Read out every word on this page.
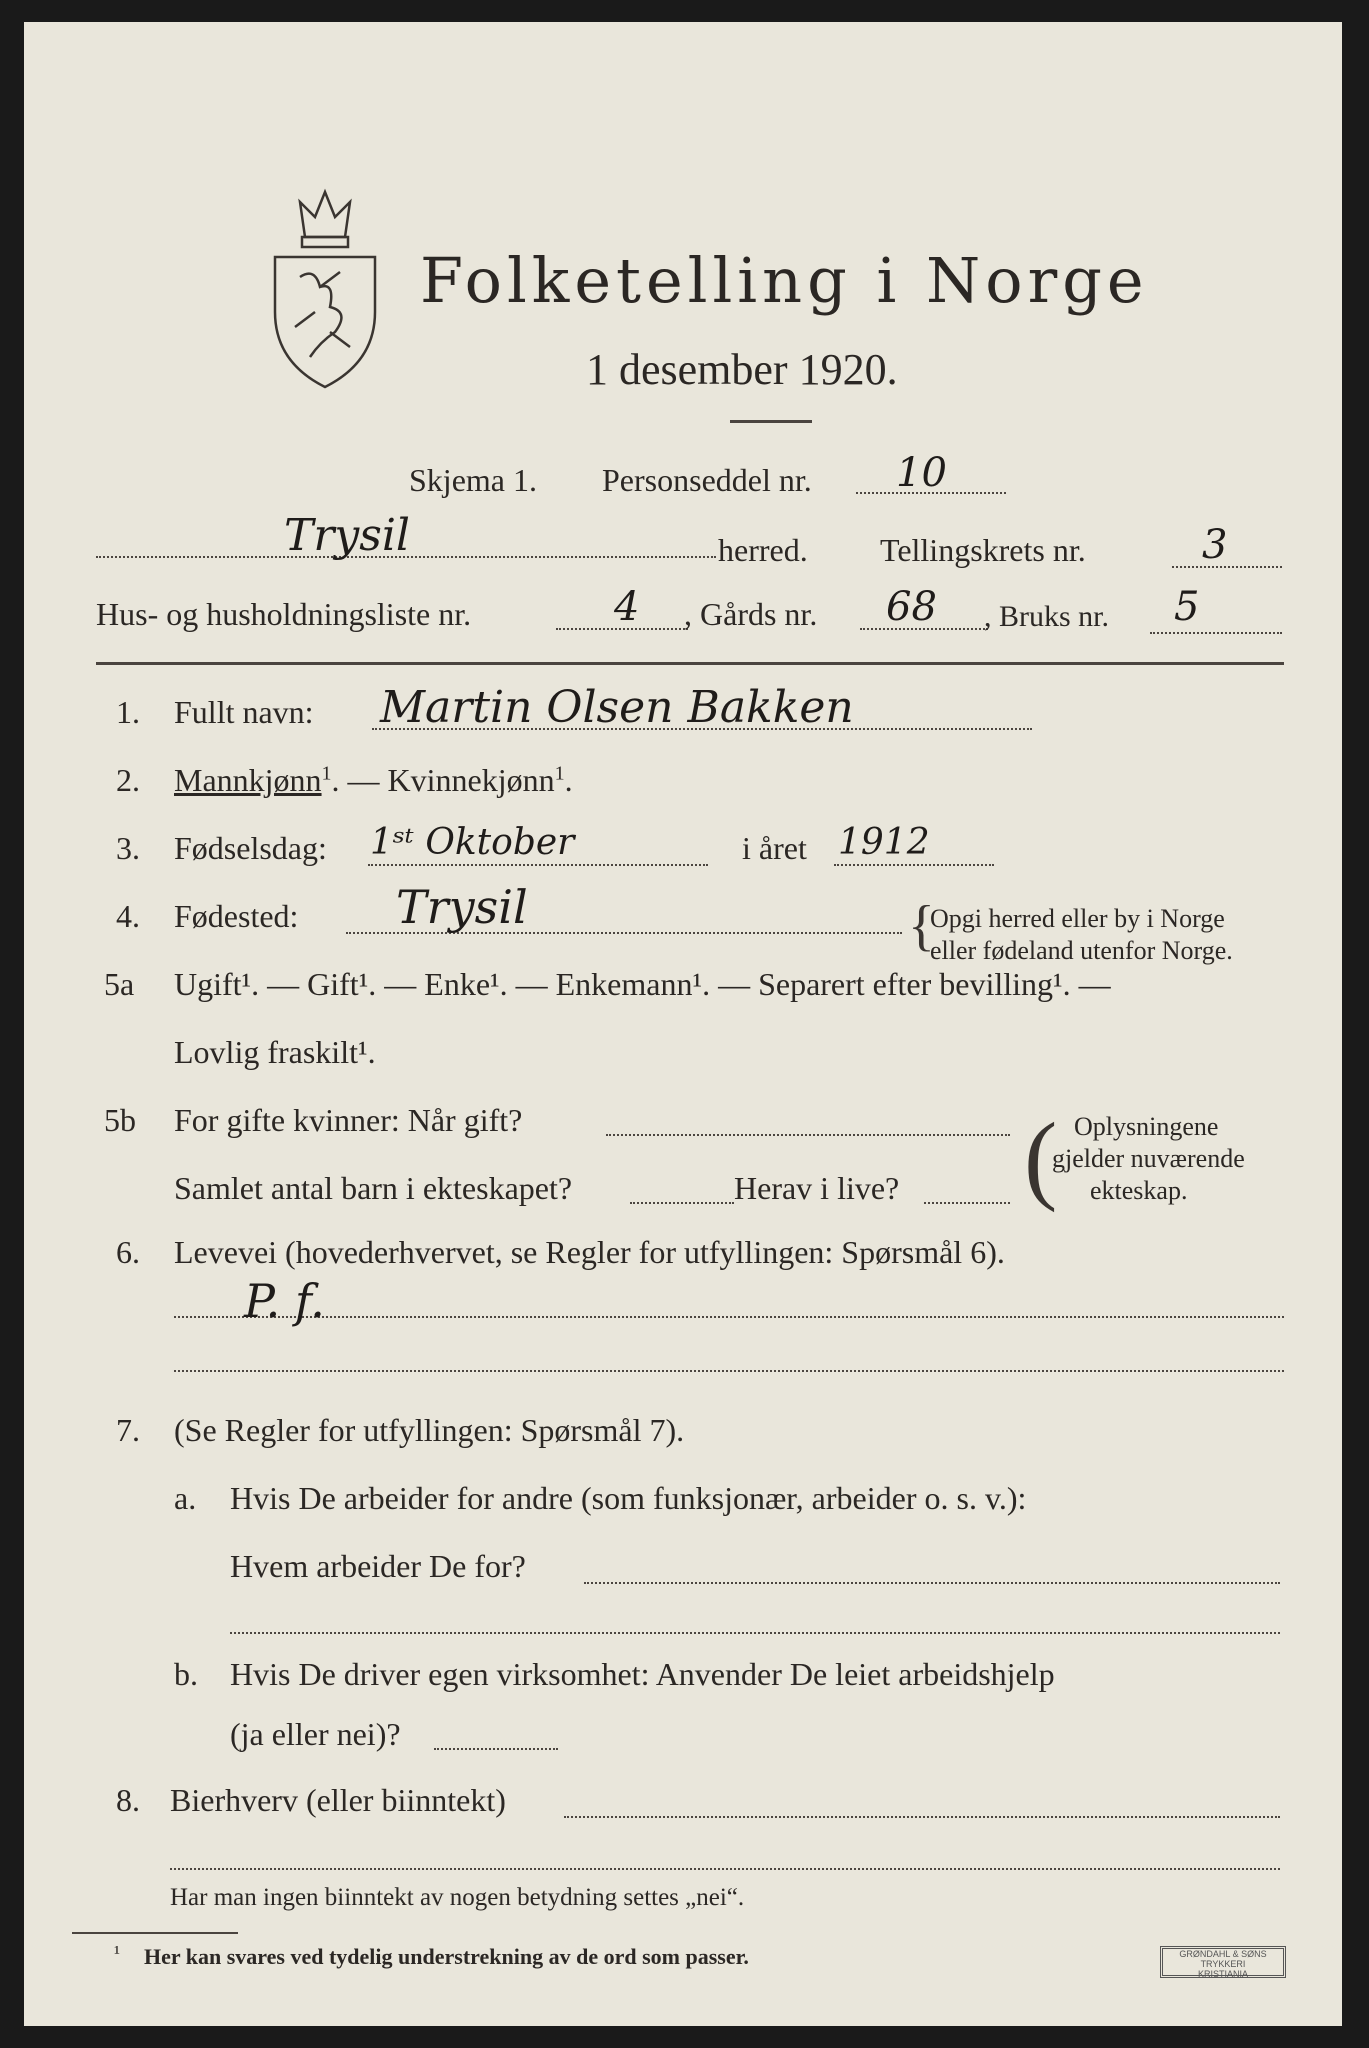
Folketelling i Norge
1 desember 1920.
Skjema 1. Personseddel nr. 10
Trysil	herred. Tellingskrets nr.	3
Hus- og husholdningsliste nr.	4 , Gårds nr. 68 , Bruks nr. 5
1. Fullt navn: Martin Olsen Bakken
2. Mannkjønn$^1$. — Kvinnekjønn$^1$.
3. Fødselsdag: 1ˢᵗ Oktober	i året 1912
4. Fødested: Trysil	{
Opgi herred eller by i Norge
eller fødeland utenfor Norge.
5a Ugift¹. — Gift¹. — Enke¹. — Enkemann¹. — Separert efter bevilling¹. —
Lovlig fraskilt¹.
5b For gifte kvinner: Når gift?
Samlet antal barn i ekteskapet?	Herav i live? ( Oplysningene
gjelder nuværende
ekteskap.
6. Levevei (hovederhvervet, se Regler for utfyllingen: Spørsmål 6).
P. f.
7. (Se Regler for utfyllingen: Spørsmål 7).
a. Hvis De arbeider for andre (som funksjonær, arbeider o. s. v.):
Hvem arbeider De for?
b. Hvis De driver egen virksomhet: Anvender De leiet arbeidshjelp
(ja eller nei)?
8. Bierhverv (eller biinntekt)
Har man ingen biinntekt av nogen betydning settes „nei“.
¹ Her kan svares ved tydelig understrekning av de ord som passer.	GRØNDAHL & SØNS TRYKKERI
KRISTIANIA
